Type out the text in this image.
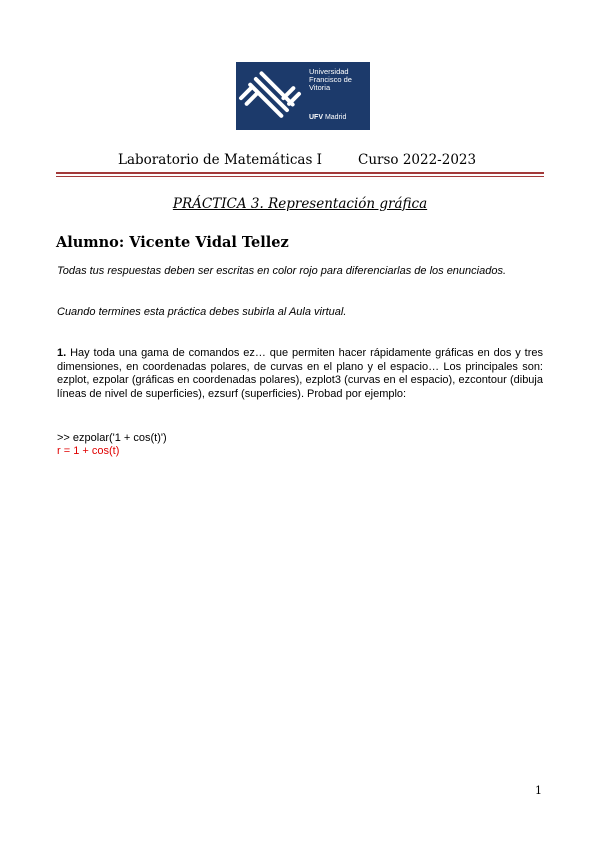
Universidad
Francisco de
Vitoria
UFV Madrid
Laboratorio de Matemáticas I	Curso 2022-2023
PRÁCTICA 3. Representación gráfica
Alumno: Vicente Vidal Tellez
Todas tus respuestas deben ser escritas en color rojo para diferenciarlas de los enunciados.
Cuando termines esta práctica debes subirla al Aula virtual.
1. Hay toda una gama de comandos ez… que permiten hacer rápidamente gráficas en dos y tres dimensiones, en coordenadas polares, de curvas en el plano y el espacio… Los principales son: ezplot, ezpolar (gráficas en coordenadas polares), ezplot3 (curvas en el espacio), ezcontour (dibuja líneas de nivel de superficies), ezsurf (superficies). Probad por ejemplo:
>> ezpolar('1 + cos(t)')
r = 1 + cos(t)
1
